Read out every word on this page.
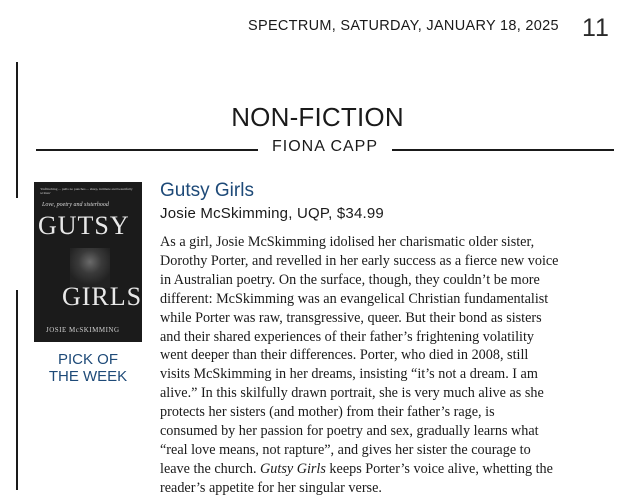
SPECTRUM, SATURDAY, JANUARY 18, 2025 11
NON-FICTION
FIONA CAPP
'Unflinching ... pulls no punches ... sharp, intimate and beautifully written'
Love, poetry and sisterhood
GUTSY
GIRLS
JOSIE McSKIMMING
PICK OF
THE WEEK
Gutsy Girls
Josie McSkimming, UQP, $34.99
As a girl, Josie McSkimming idolised her charismatic older sister,
Dorothy Porter, and revelled in her early success as a fierce new voice
in Australian poetry. On the surface, though, they couldn’t be more
different: McSkimming was an evangelical Christian fundamentalist
while Porter was raw, transgressive, queer. But their bond as sisters
and their shared experiences of their father’s frightening volatility
went deeper than their differences. Porter, who died in 2008, still
visits McSkimming in her dreams, insisting “it’s not a dream. I am
alive.” In this skilfully drawn portrait, she is very much alive as she
protects her sisters (and mother) from their father’s rage, is
consumed by her passion for poetry and sex, gradually learns what
“real love means, not rapture”, and gives her sister the courage to
leave the church. Gutsy Girls keeps Porter’s voice alive, whetting the
reader’s appetite for her singular verse.
